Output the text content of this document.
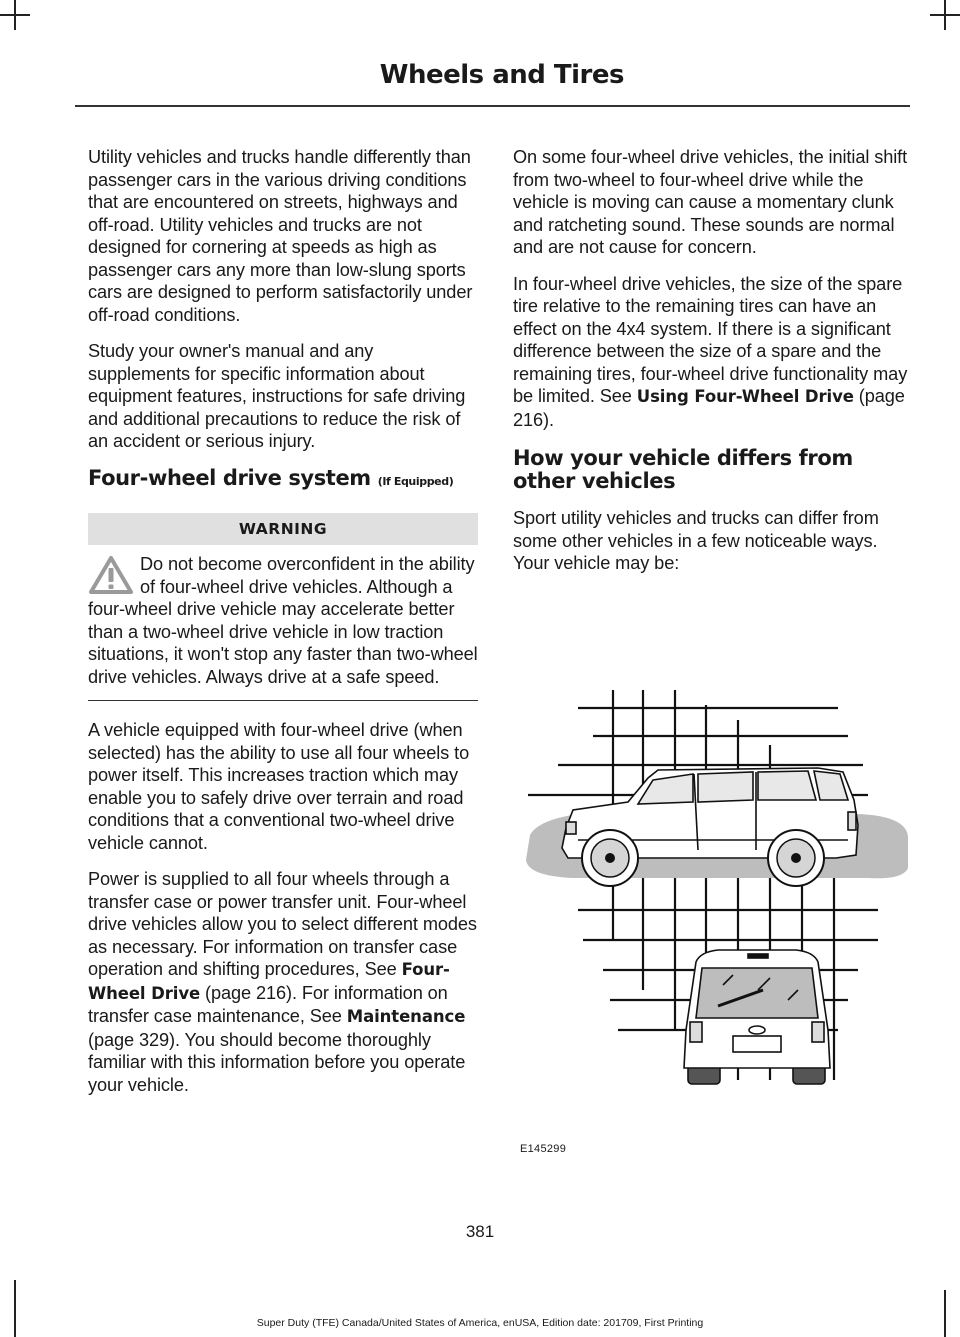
Wheels and Tires

Utility vehicles and trucks handle differently than passenger cars in the various driving conditions that are encountered on streets, highways and off-road. Utility vehicles and trucks are not designed for cornering at speeds as high as passenger cars any more than low-slung sports cars are designed to perform satisfactorily under off-road conditions.

Study your owner's manual and any supplements for specific information about equipment features, instructions for safe driving and additional precautions to reduce the risk of an accident or serious injury.

Four-wheel drive system (If Equipped)
WARNING
Do not become overconfident in the ability of four-wheel drive vehicles. Although a four-wheel drive vehicle may accelerate better than a two-wheel drive vehicle in low traction situations, it won't stop any faster than two-wheel drive vehicles. Always drive at a safe speed.

A vehicle equipped with four-wheel drive (when selected) has the ability to use all four wheels to power itself. This increases traction which may enable you to safely drive over terrain and road conditions that a conventional two-wheel drive vehicle cannot.

Power is supplied to all four wheels through a transfer case or power transfer unit. Four-wheel drive vehicles allow you to select different modes as necessary. For information on transfer case operation and shifting procedures, See Four-Wheel Drive (page 216). For information on transfer case maintenance, See Maintenance (page 329). You should become thoroughly familiar with this information before you operate your vehicle.

On some four-wheel drive vehicles, the initial shift from two-wheel to four-wheel drive while the vehicle is moving can cause a momentary clunk and ratcheting sound. These sounds are normal and are not cause for concern.

In four-wheel drive vehicles, the size of the spare tire relative to the remaining tires can have an effect on the 4x4 system. If there is a significant difference between the size of a spare and the remaining tires, four-wheel drive functionality may be limited. See Using Four-Wheel Drive (page 216).

How your vehicle differs from other vehicles

Sport utility vehicles and trucks can differ from some other vehicles in a few noticeable ways. Your vehicle may be:

E145299
381
Super Duty (TFE) Canada/United States of America, enUSA, Edition date: 201709, First Printing
